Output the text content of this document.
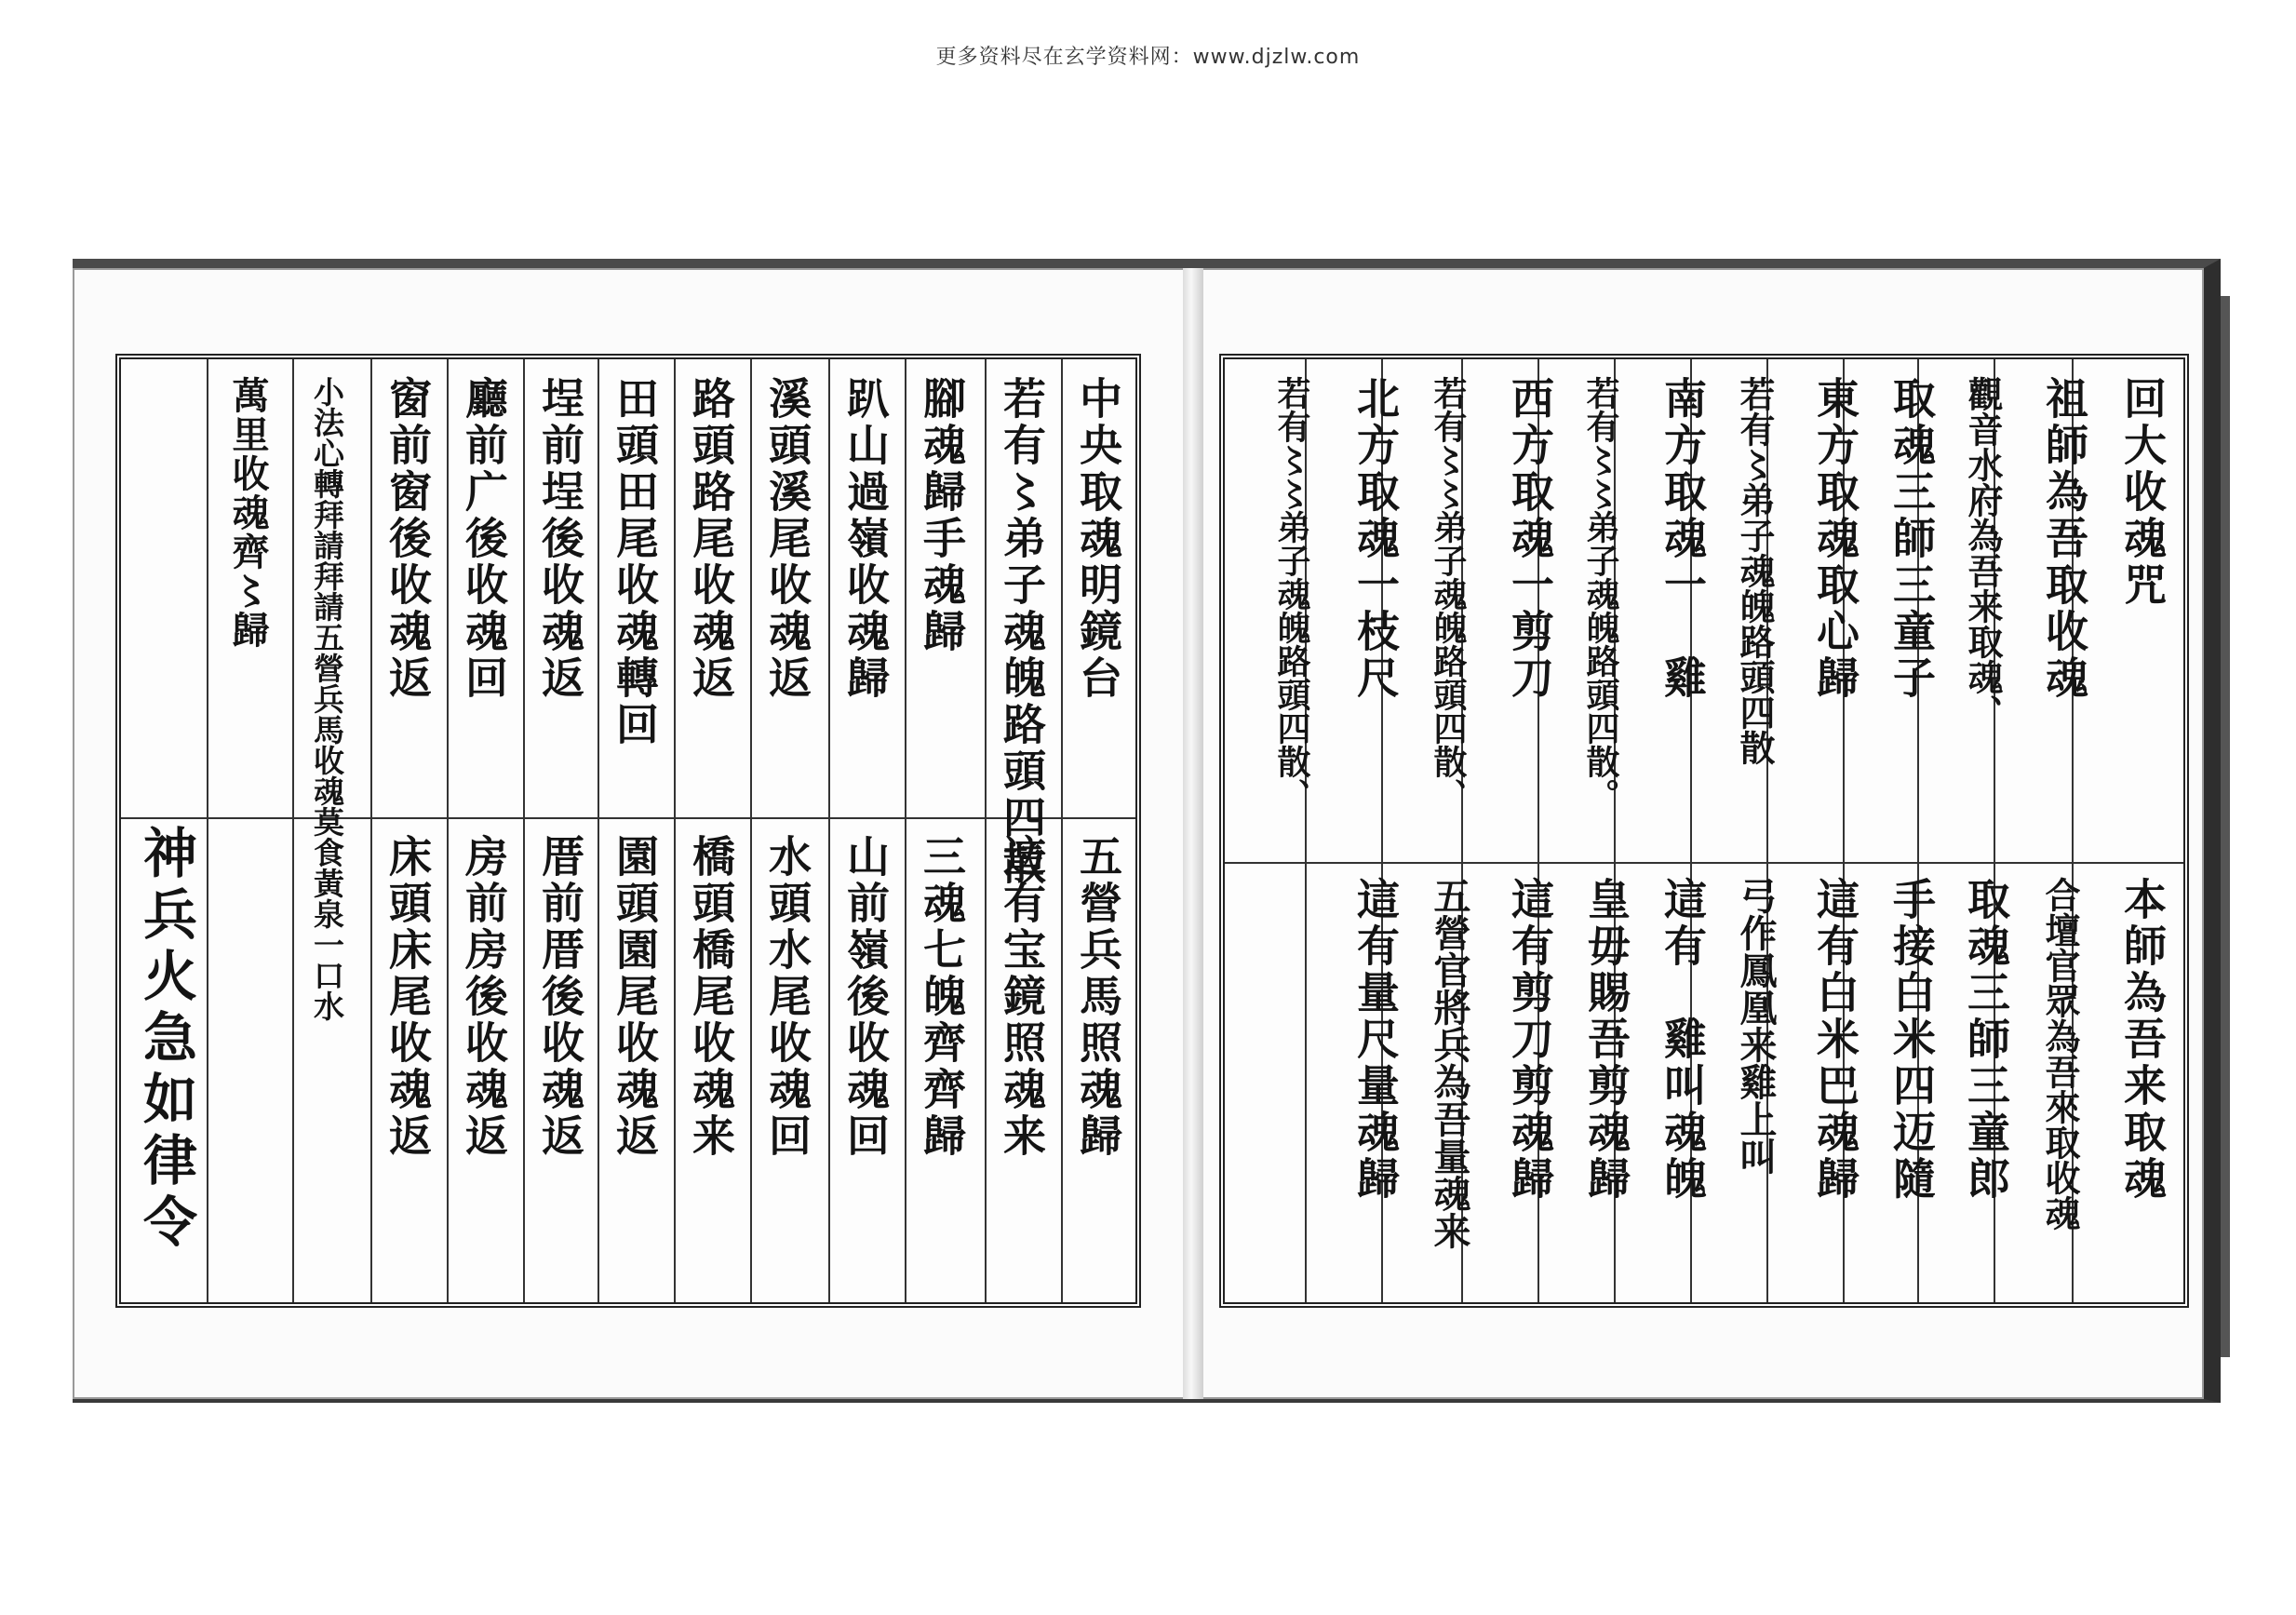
更多资料尽在玄学资料网：www.djzlw.com
中央取魂明鏡台
若有〻弟子魂魄路頭四散
腳魂歸手魂歸
趴山過嶺收魂歸
溪頭溪尾收魂返
路頭路尾收魂返
田頭田尾收魂轉回
埕前埕後收魂返
廳前广後收魂回
窗前窗後收魂返
小法心轉拜請拜請五營兵馬收魂莫食黃泉一口水
萬里收魂齊〻歸
神兵火急如律令	五營兵馬照魂歸
這有宝鏡照魂来
三魂七魄齊齊歸
山前嶺後收魂回
水頭水尾收魂回
橋頭橋尾收魂来
園頭園尾收魂返
厝前厝後收魂返
房前房後收魂返
床頭床尾收魂返
回大收魂咒
祖師為吾取收魂
觀音水府為吾来取魂、
取魂三師三童子
東方取魂取心歸
若有〻弟子魂魄路頭四散
南方取魂一　雞
若有〻〻弟子魂魄路頭四散。
西方取魂一剪刀
若有〻〻弟子魂魄路頭四散、
北方取魂一枝尺
若有〻〻弟子魂魄路頭四散、
本師為吾来取魂
合壇官眾為吾來取收魂
取魂三師三童郎
手接白米四迈隨
這有白米巴魂歸
弓作鳳凰来雞上叫
這有　雞叫魂魄
皇毋賜吾剪魂歸
這有剪刀剪魂歸
五營官將兵為吾量魂来
這有量尺量魂歸
